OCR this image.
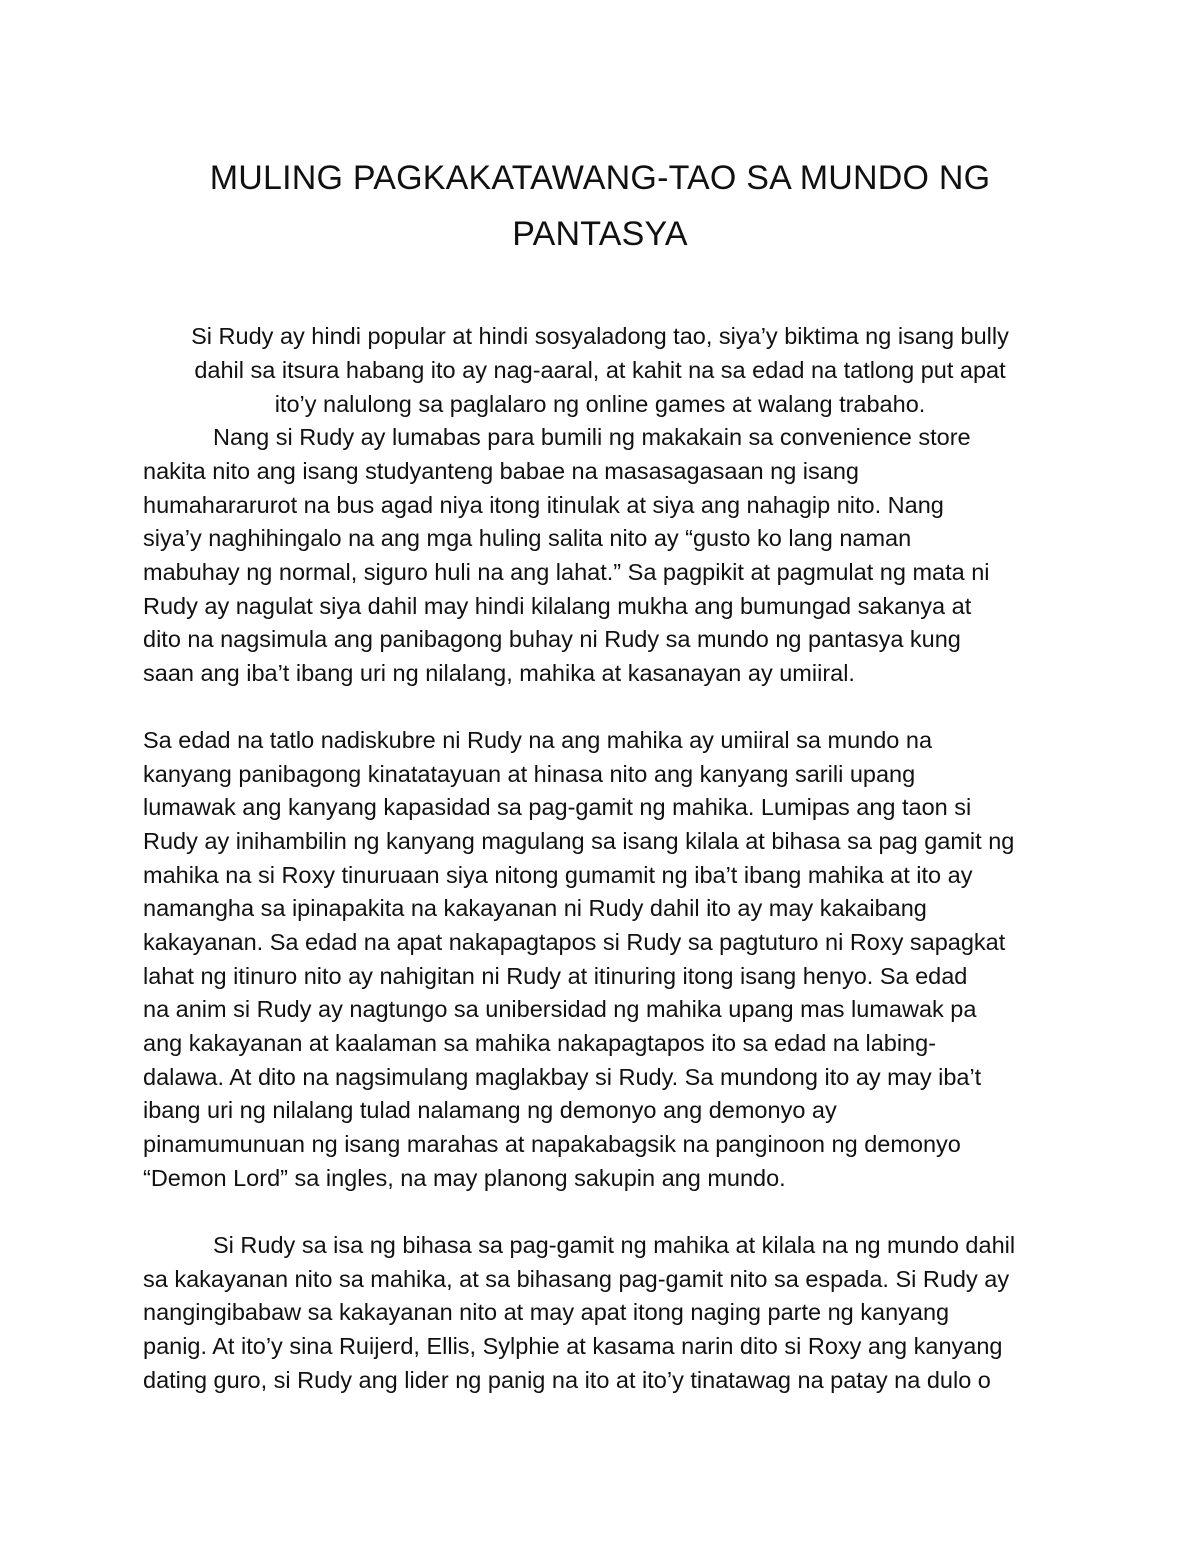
MULING PAGKAKATAWANG-TAO SA MUNDO NG
PANTASYA
Si Rudy ay hindi popular at hindi sosyaladong tao, siya’y biktima ng isang bully
dahil sa itsura habang ito ay nag-aaral, at kahit na sa edad na tatlong put apat
ito’y nalulong sa paglalaro ng online games at walang trabaho.
Nang si Rudy ay lumabas para bumili ng makakain sa convenience store
nakita nito ang isang studyanteng babae na masasagasaan ng isang
humahararurot na bus agad niya itong itinulak at siya ang nahagip nito. Nang
siya’y naghihingalo na ang mga huling salita nito ay “gusto ko lang naman
mabuhay ng normal, siguro huli na ang lahat.” Sa pagpikit at pagmulat ng mata ni
Rudy ay nagulat siya dahil may hindi kilalang mukha ang bumungad sakanya at
dito na nagsimula ang panibagong buhay ni Rudy sa mundo ng pantasya kung
saan ang iba’t ibang uri ng nilalang, mahika at kasanayan ay umiiral.
Sa edad na tatlo nadiskubre ni Rudy na ang mahika ay umiiral sa mundo na
kanyang panibagong kinatatayuan at hinasa nito ang kanyang sarili upang
lumawak ang kanyang kapasidad sa pag-gamit ng mahika. Lumipas ang taon si
Rudy ay inihambilin ng kanyang magulang sa isang kilala at bihasa sa pag gamit ng
mahika na si Roxy tinuruaan siya nitong gumamit ng iba’t ibang mahika at ito ay
namangha sa ipinapakita na kakayanan ni Rudy dahil ito ay may kakaibang
kakayanan. Sa edad na apat nakapagtapos si Rudy sa pagtuturo ni Roxy sapagkat
lahat ng itinuro nito ay nahigitan ni Rudy at itinuring itong isang henyo. Sa edad
na anim si Rudy ay nagtungo sa unibersidad ng mahika upang mas lumawak pa
ang kakayanan at kaalaman sa mahika nakapagtapos ito sa edad na labing-
dalawa. At dito na nagsimulang maglakbay si Rudy. Sa mundong ito ay may iba’t
ibang uri ng nilalang tulad nalamang ng demonyo ang demonyo ay
pinamumunuan ng isang marahas at napakabagsik na panginoon ng demonyo
“Demon Lord” sa ingles, na may planong sakupin ang mundo.
Si Rudy sa isa ng bihasa sa pag-gamit ng mahika at kilala na ng mundo dahil
sa kakayanan nito sa mahika, at sa bihasang pag-gamit nito sa espada. Si Rudy ay
nangingibabaw sa kakayanan nito at may apat itong naging parte ng kanyang
panig. At ito’y sina Ruijerd, Ellis, Sylphie at kasama narin dito si Roxy ang kanyang
dating guro, si Rudy ang lider ng panig na ito at ito’y tinatawag na patay na dulo o
